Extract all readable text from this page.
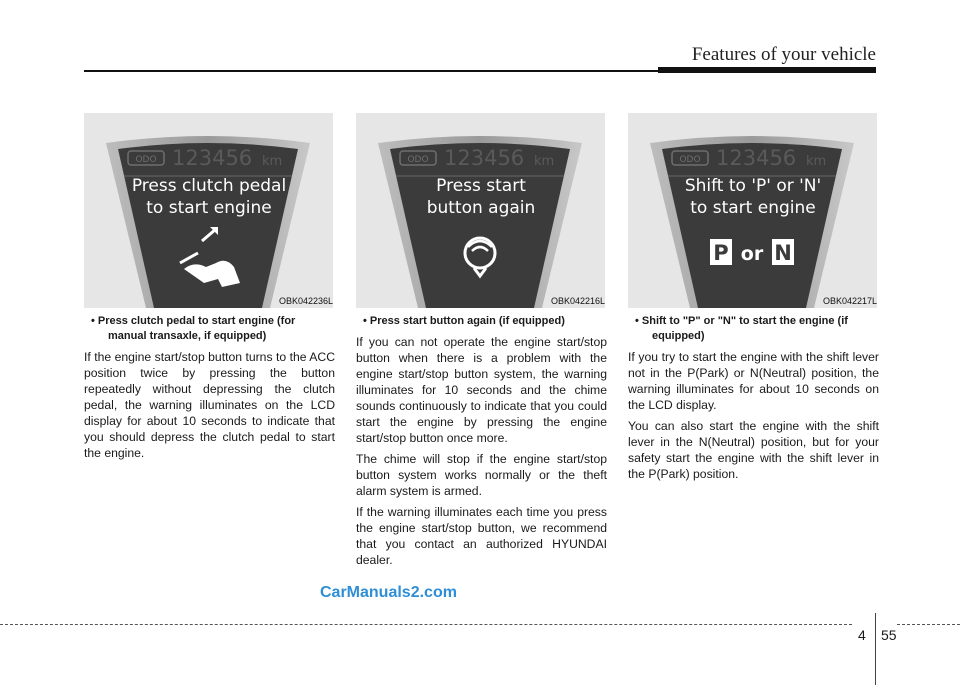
Features of your vehicle
ODO 123456 km
Press clutch pedal
to start engine
ODO 123456 km
Press start
button again
ODO 123456 km
P or N
Shift to 'P' or 'N'
to start engine
OBK042236L	OBK042216L	OBK042217L

• Press clutch pedal to start engine (for manual transaxle, if equipped)

If the engine start/stop button turns to the ACC position twice by pressing the button repeatedly without depressing the clutch pedal, the warning illuminates on the LCD display for about 10 seconds to indicate that you should depress the clutch pedal to start the engine.

• Press start button again (if equipped)

If you can not operate the engine start/stop button when there is a problem with the engine start/stop button system, the warning illuminates for 10 seconds and the chime sounds continuously to indicate that you could start the engine by pressing the engine start/stop button once more.

The chime will stop if the engine start/stop button system works normally or the theft alarm system is armed.

If the warning illuminates each time you press the engine start/stop button, we recommend that you contact an authorized HYUNDAI dealer.

• Shift to "P" or "N" to start the engine (if equipped)

If you try to start the engine with the shift lever not in the P(Park) or N(Neutral) position, the warning illuminates for about 10 seconds on the LCD display.

You can also start the engine with the shift lever in the N(Neutral) position, but for your safety start the engine with the shift lever in the P(Park) position.

CarManuals2.com
4 55
